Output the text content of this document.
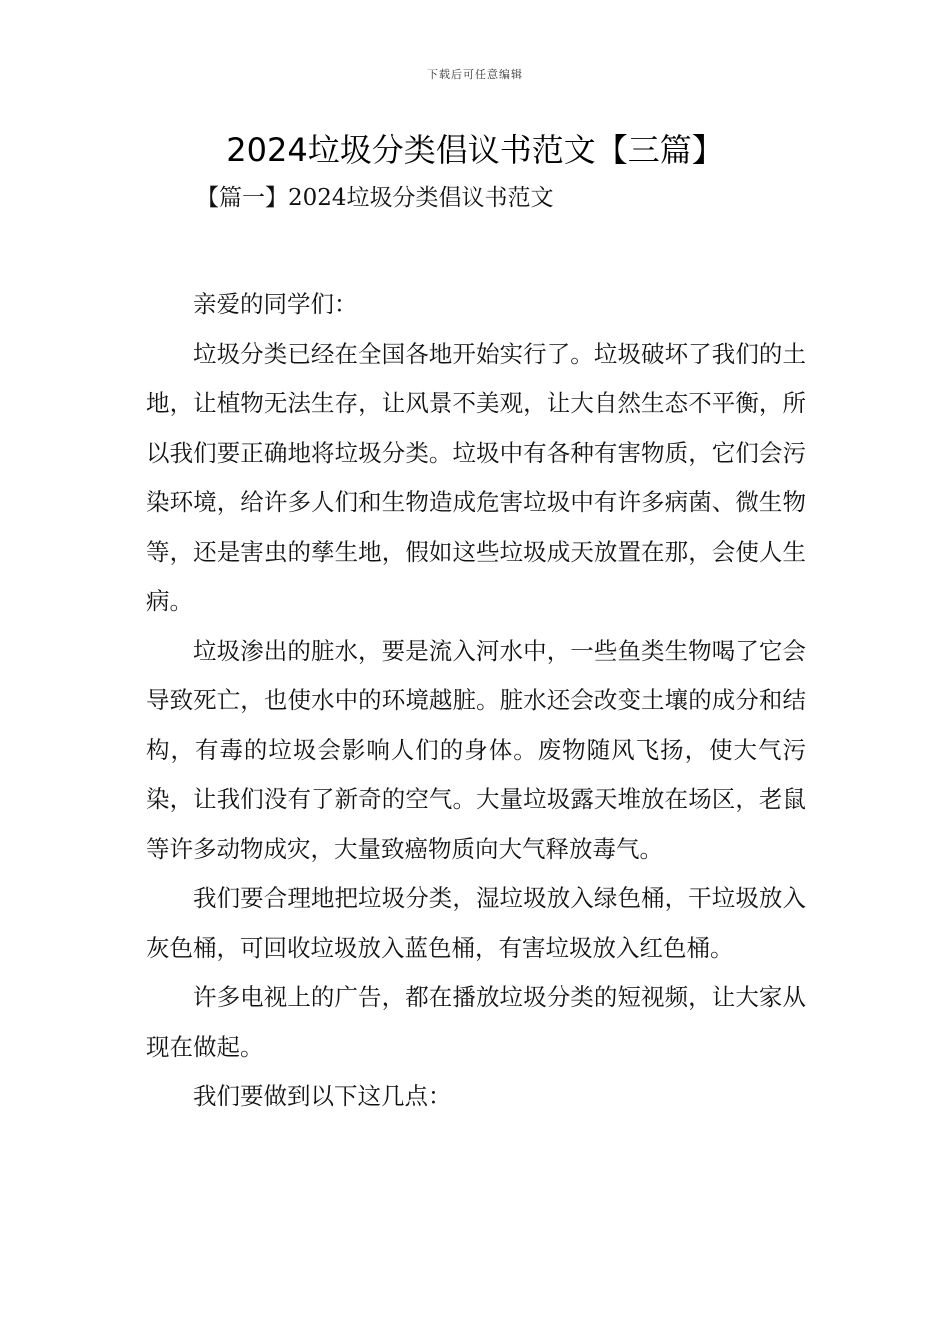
下载后可任意编辑
2024垃圾分类倡议书范文【三篇】
【篇一】2024垃圾分类倡议书范文

亲爱的同学们：

垃圾分类已经在全国各地开始实行了。垃圾破坏了我们的土地，让植物无法生存，让风景不美观，让大自然生态不平衡，所以我们要正确地将垃圾分类。垃圾中有各种有害物质，它们会污染环境，给许多人们和生物造成危害垃圾中有许多病菌、微生物等，还是害虫的孳生地，假如这些垃圾成天放置在那，会使人生病。

垃圾渗出的脏水，要是流入河水中，一些鱼类生物喝了它会导致死亡，也使水中的环境越脏。脏水还会改变土壤的成分和结构，有毒的垃圾会影响人们的身体。废物随风飞扬，使大气污染，让我们没有了新奇的空气。大量垃圾露天堆放在场区，老鼠等许多动物成灾，大量致癌物质向大气释放毒气。

我们要合理地把垃圾分类，湿垃圾放入绿色桶，干垃圾放入灰色桶，可回收垃圾放入蓝色桶，有害垃圾放入红色桶。

许多电视上的广告，都在播放垃圾分类的短视频，让大家从现在做起。

我们要做到以下这几点：
